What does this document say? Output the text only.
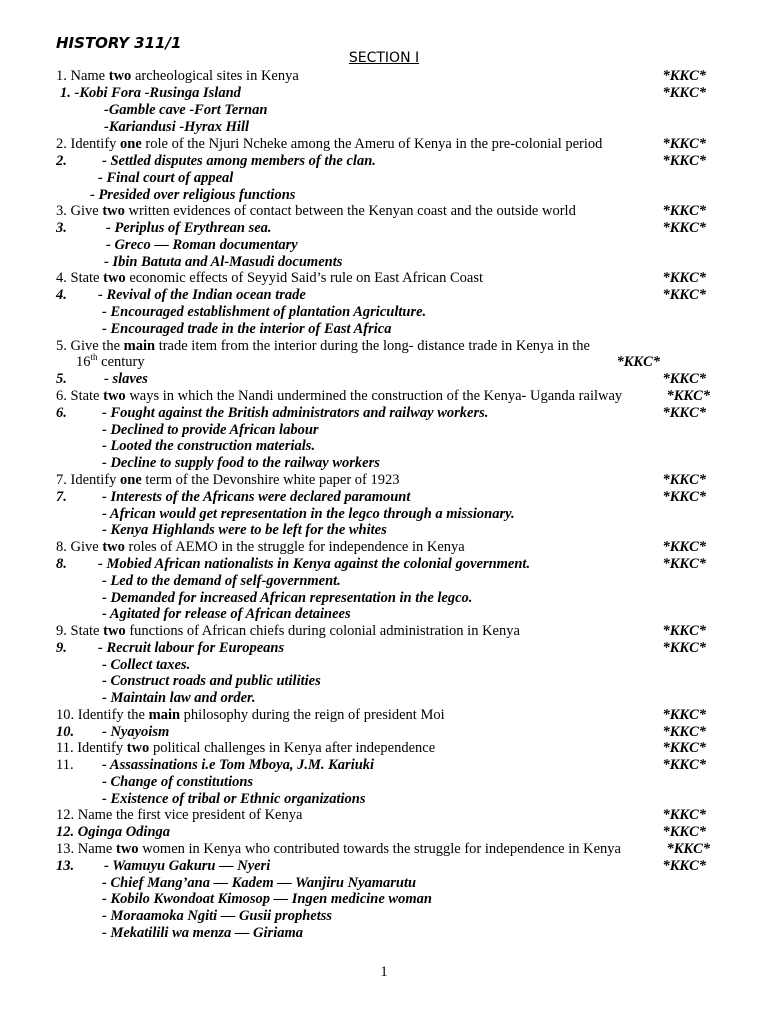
HISTORY 311/1
SECTION I
1. Name two archeological sites in Kenya	*KKC*
1. -Kobi Fora -Rusinga Island	*KKC*
-Gamble cave -Fort Ternan
-Kariandusi -Hyrax Hill
2. Identify one role of the Njuri Ncheke among the Ameru of Kenya in the pre-colonial period	*KKC*
2. - Settled disputes among members of the clan.	*KKC*
- Final court of appeal
- Presided over religious functions
3. Give two written evidences of contact between the Kenyan coast and the outside world	*KKC*
3.	- Periplus of Erythrean sea.	*KKC*
- Greco — Roman documentary
- Ibin Batuta and Al-Masudi documents
4. State two economic effects of Seyyid Said’s rule on East African Coast	*KKC*
4. - Revival of the Indian ocean trade	*KKC*
- Encouraged establishment of plantation Agriculture.
- Encouraged trade in the interior of East Africa
5. Give the main trade item from the interior during the long- distance trade in Kenya in the
16th century	*KKC*
5.	- slaves	*KKC*
6. State two ways in which the Nandi undermined the construction of the Kenya- Uganda railway	*KKC*
6. - Fought against the British administrators and railway workers.	*KKC*
- Declined to provide African labour
- Looted the construction materials.
- Decline to supply food to the railway workers
7. Identify one term of the Devonshire white paper of 1923	*KKC*
7. - Interests of the Africans were declared paramount	*KKC*
- African would get representation in the legco through a missionary.
- Kenya Highlands were to be left for the whites
8. Give two roles of AEMO in the struggle for independence in Kenya	*KKC*
8. - Mobied African nationalists in Kenya against the colonial government.	*KKC*
- Led to the demand of self-government.
- Demanded for increased African representation in the legco.
- Agitated for release of African detainees
9. State two functions of African chiefs during colonial administration in Kenya	*KKC*
9. - Recruit labour for Europeans	*KKC*
- Collect taxes.
- Construct roads and public utilities
- Maintain law and order.
10. Identify the main philosophy during the reign of president Moi	*KKC*
10. - Nyayoism	*KKC*
11. Identify two political challenges in Kenya after independence	*KKC*
11. - Assassinations i.e Tom Mboya, J.M. Kariuki	*KKC*
- Change of constitutions
- Existence of tribal or Ethnic organizations
12. Name the first vice president of Kenya	*KKC*
12. Oginga Odinga	*KKC*
13. Name two women in Kenya who contributed towards the struggle for independence in Kenya	*KKC*
13. - Wamuyu Gakuru — Nyeri	*KKC*
- Chief Mang’ana — Kadem — Wanjiru Nyamarutu
- Kobilo Kwondoat Kimosop — Ingen medicine woman
- Moraamoka Ngiti — Gusii prophetss
- Mekatilili wa menza — Giriama
1
